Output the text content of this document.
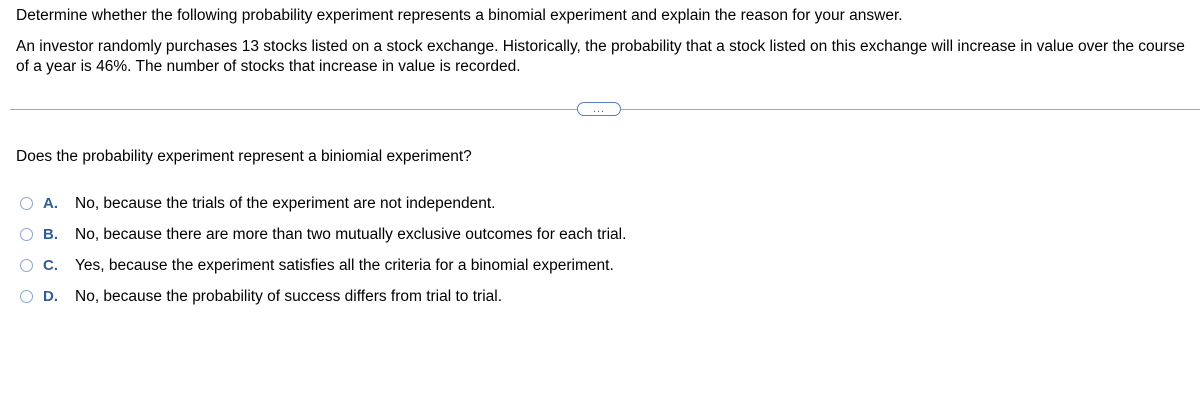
Determine whether the following probability experiment represents a binomial experiment and explain the reason for your answer.

An investor randomly purchases 13 stocks listed on a stock exchange. Historically, the probability that a stock listed on this exchange will increase in value over the course of a year is 46%. The number of stocks that increase in value is recorded.

...

Does the probability experiment represent a biniomial experiment?

A.	No, because the trials of the experiment are not independent.
B.	No, because there are more than two mutually exclusive outcomes for each trial.
C.	Yes, because the experiment satisfies all the criteria for a binomial experiment.
D.	No, because the probability of success differs from trial to trial.
